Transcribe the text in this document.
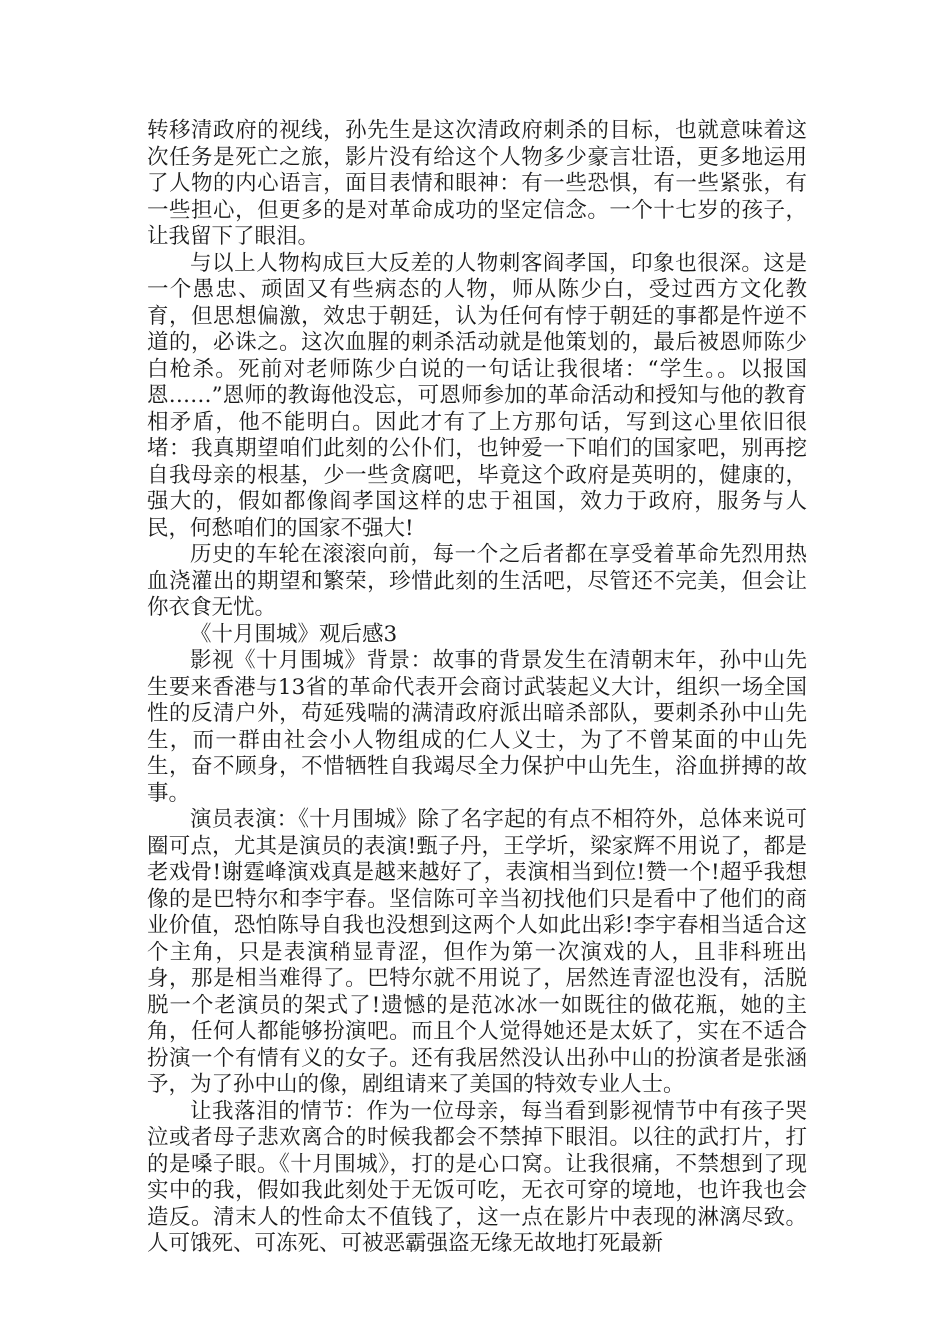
转移清政府的视线，孙先生是这次清政府刺杀的目标，也就意味着这次任务是死亡之旅，影片没有给这个人物多少豪言壮语，更多地运用了人物的内心语言，面目表情和眼神：有一些恐惧，有一些紧张，有一些担心，但更多的是对革命成功的坚定信念。一个十七岁的孩子，让我留下了眼泪。

与以上人物构成巨大反差的人物刺客阎孝国，印象也很深。这是一个愚忠、顽固又有些病态的人物，师从陈少白，受过西方文化教育，但思想偏激，效忠于朝廷，认为任何有悖于朝廷的事都是忤逆不道的，必诛之。这次血腥的刺杀活动就是他策划的，最后被恩师陈少白枪杀。死前对老师陈少白说的一句话让我很堵：“学生。。以报国恩……”恩师的教诲他没忘，可恩师参加的革命活动和授知与他的教育相矛盾，他不能明白。因此才有了上方那句话，写到这心里依旧很堵：我真期望咱们此刻的公仆们，也钟爱一下咱们的国家吧，别再挖自我母亲的根基，少一些贪腐吧，毕竟这个政府是英明的，健康的，强大的，假如都像阎孝国这样的忠于祖国，效力于政府，服务与人民，何愁咱们的国家不强大!

历史的车轮在滚滚向前，每一个之后者都在享受着革命先烈用热血浇灌出的期望和繁荣，珍惜此刻的生活吧，尽管还不完美，但会让你衣食无忧。

《十月围城》观后感3

影视《十月围城》背景：故事的背景发生在清朝末年，孙中山先生要来香港与13省的革命代表开会商讨武装起义大计，组织一场全国性的反清户外，苟延残喘的满清政府派出暗杀部队，要刺杀孙中山先生，而一群由社会小人物组成的仁人义士，为了不曾某面的中山先生，奋不顾身，不惜牺牲自我竭尽全力保护中山先生，浴血拼搏的故事。

演员表演：《十月围城》除了名字起的有点不相符外，总体来说可圈可点，尤其是演员的表演!甄子丹，王学圻，梁家辉不用说了，都是老戏骨!谢霆峰演戏真是越来越好了，表演相当到位!赞一个!超乎我想像的是巴特尔和李宇春。坚信陈可辛当初找他们只是看中了他们的商业价值，恐怕陈导自我也没想到这两个人如此出彩!李宇春相当适合这个主角，只是表演稍显青涩，但作为第一次演戏的人，且非科班出身，那是相当难得了。巴特尔就不用说了，居然连青涩也没有，活脱脱一个老演员的架式了!遗憾的是范冰冰一如既往的做花瓶，她的主角，任何人都能够扮演吧。而且个人觉得她还是太妖了，实在不适合扮演一个有情有义的女子。还有我居然没认出孙中山的扮演者是张涵予，为了孙中山的像，剧组请来了美国的特效专业人士。

让我落泪的情节：作为一位母亲，每当看到影视情节中有孩子哭泣或者母子悲欢离合的时候我都会不禁掉下眼泪。以往的武打片，打的是嗓子眼。《十月围城》，打的是心口窝。让我很痛，不禁想到了现实中的我，假如我此刻处于无饭可吃，无衣可穿的境地，也许我也会造反。清末人的性命太不值钱了，这一点在影片中表现的淋漓尽致。人可饿死、可冻死、可被恶霸强盗无缘无故地打死最新
